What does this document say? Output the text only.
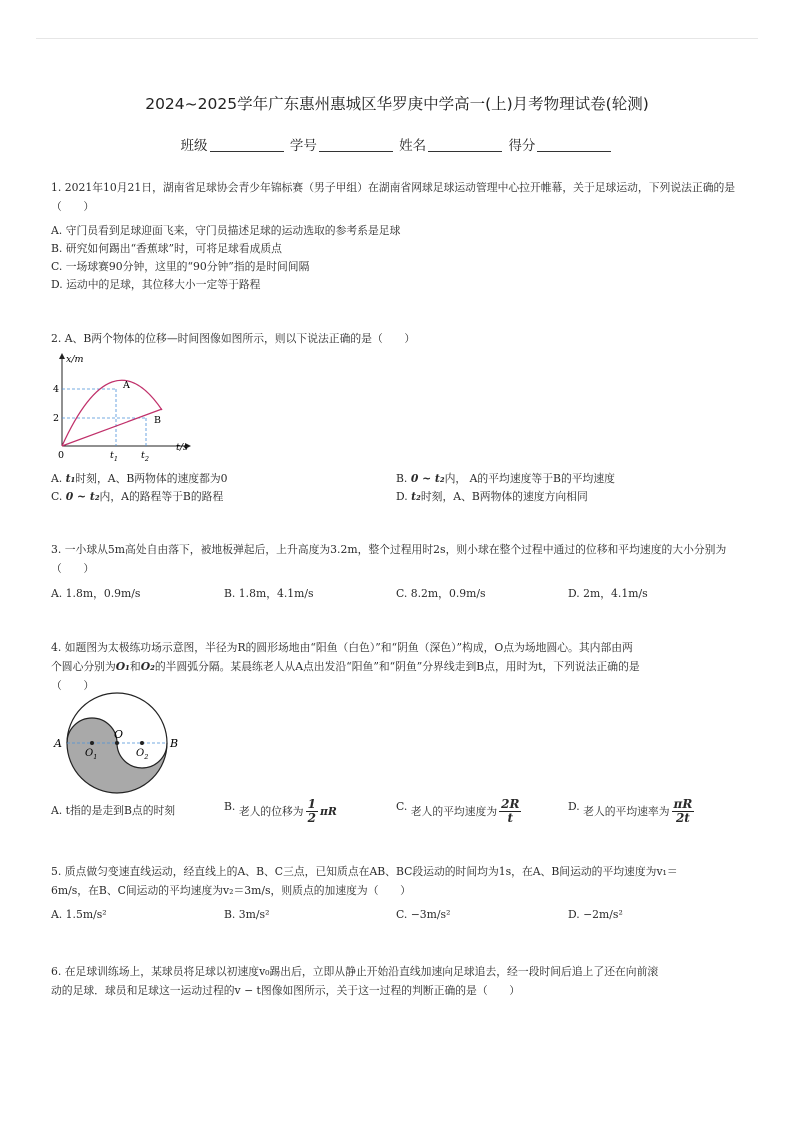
2024~2025学年广东惠州惠城区华罗庚中学高一(上)月考物理试卷(轮测)
班级	学号	姓名	得分
1. 2021年10月21日，湖南省足球协会青少年锦标赛（男子甲组）在湖南省网球足球运动管理中心拉开帷幕，关于足球运动，下列说法正确的是（　　）
A. 守门员看到足球迎面飞来，守门员描述足球的运动选取的参考系是足球
B. 研究如何踢出“香蕉球”时，可将足球看成质点
C. 一场球赛90分钟，这里的“90分钟”指的是时间间隔
D. 运动中的足球，其位移大小一定等于路程
2. A、B两个物体的位移—时间图像如图所示，则以下说法正确的是（　　）
x/m
t/s
0
4
2
$t_1$ $t_2$
A
B
A. t₁时刻，A、B两物体的速度都为0	B. 0 ~ t₂内， A的平均速度等于B的平均速度
C. 0 ~ t₂内，A的路程等于B的路程	D. t₂时刻，A、B两物体的速度方向相同
3. 一小球从5m高处自由落下，被地板弹起后，上升高度为3.2m，整个过程用时2s，则小球在整个过程中通过的位移和平均速度的大小分别为（　　）
A. 1.8m，0.9m/s	B. 1.8m，4.1m/s	C. 8.2m，0.9m/s	D. 2m，4.1m/s
4. 如题图为太极练功场示意图，半径为R的圆形场地由“阳鱼（白色）”和“阴鱼（深色）”构成，O点为场地圆心。其内部由两
个圆心分别为O₁和O₂的半圆弧分隔。某晨练老人从A点出发沿“阳鱼”和“阴鱼”分界线走到B点，用时为t，下列说法正确的是
（　　）
A	B
O
$O_1$	$O_2$
A. t指的是走到B点的时刻	B.
老人的位移为 $\frac{1}{2}$ πR	C.
老人的平均速度为 $\frac{2R}{t}$	D.
老人的平均速率为 $\frac{\pi R}{2t}$
5. 质点做匀变速直线运动，经直线上的A、B、C三点，已知质点在AB、BC段运动的时间均为1s，在A、B间运动的平均速度为v₁＝
6m/s，在B、C间运动的平均速度为v₂＝3m/s，则质点的加速度为（　　）
A. 1.5m/s²	B. 3m/s²	C. −3m/s²	D. −2m/s²
6. 在足球训练场上，某球员将足球以初速度v₀踢出后，立即从静止开始沿直线加速向足球追去，经一段时间后追上了还在向前滚
动的足球．球员和足球这一运动过程的v − t图像如图所示，关于这一过程的判断正确的是（　　）
